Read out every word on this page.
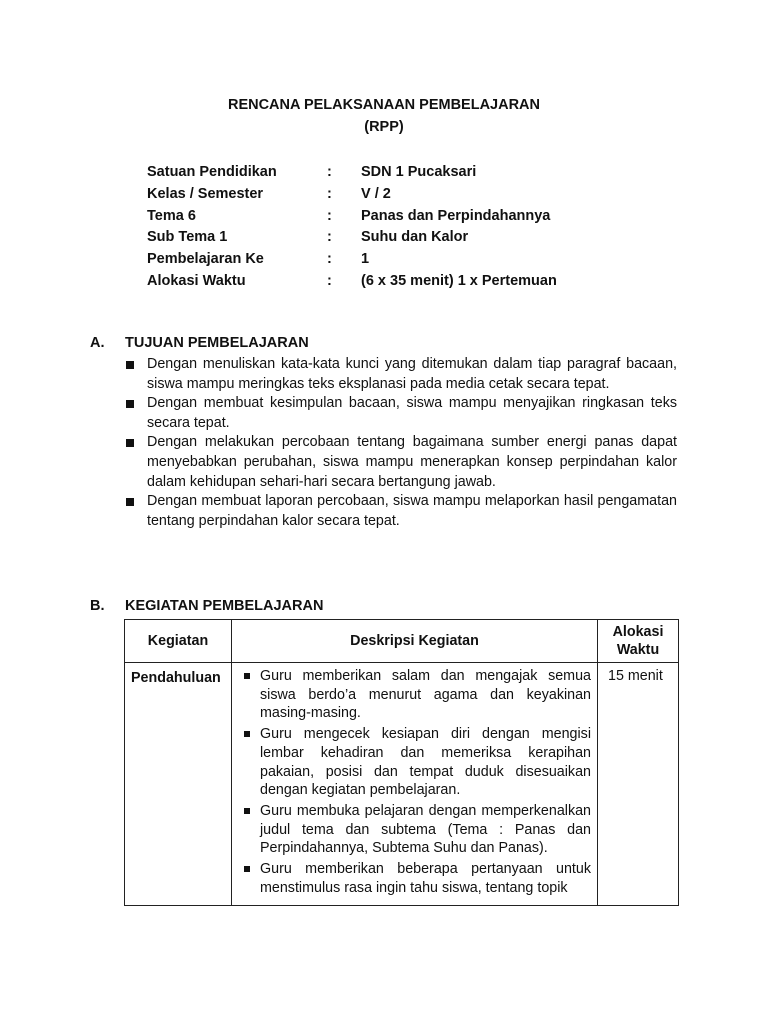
RENCANA PELAKSANAAN PEMBELAJARAN
(RPP)
Satuan Pendidikan	: SDN 1 Pucaksari
Kelas / Semester	: V / 2
Tema 6	: Panas dan Perpindahannya
Sub Tema 1	: Suhu dan Kalor
Pembelajaran Ke	: 1
Alokasi Waktu	: (6 x 35 menit) 1 x Pertemuan
A. TUJUAN PEMBELAJARAN
Dengan menuliskan kata-kata kunci yang ditemukan dalam tiap paragraf bacaan, siswa mampu meringkas teks eksplanasi pada media cetak secara tepat.
Dengan membuat kesimpulan bacaan, siswa mampu menyajikan ringkasan teks secara tepat.
Dengan melakukan percobaan tentang bagaimana sumber energi panas dapat menyebabkan perubahan, siswa mampu menerapkan konsep perpindahan kalor dalam kehidupan sehari-hari secara bertangung jawab.
Dengan membuat laporan percobaan, siswa mampu melaporkan hasil pengamatan tentang perpindahan kalor secara tepat.
B. KEGIATAN PEMBELAJARAN
Kegiatan	Deskripsi Kegiatan	Alokasi Waktu
Pendahuluan	Guru memberikan salam dan mengajak semua siswa berdo’a menurut agama dan keyakinan masing-masing.
Guru mengecek kesiapan diri dengan mengisi lembar kehadiran dan memeriksa kerapihan pakaian, posisi dan tempat duduk disesuaikan dengan kegiatan pembelajaran.
Guru membuka pelajaran dengan memperkenalkan judul tema dan subtema (Tema : Panas dan Perpindahannya, Subtema Suhu dan Panas).
Guru memberikan beberapa pertanyaan untuk menstimulus rasa ingin tahu siswa, tentang topik	15 menit
